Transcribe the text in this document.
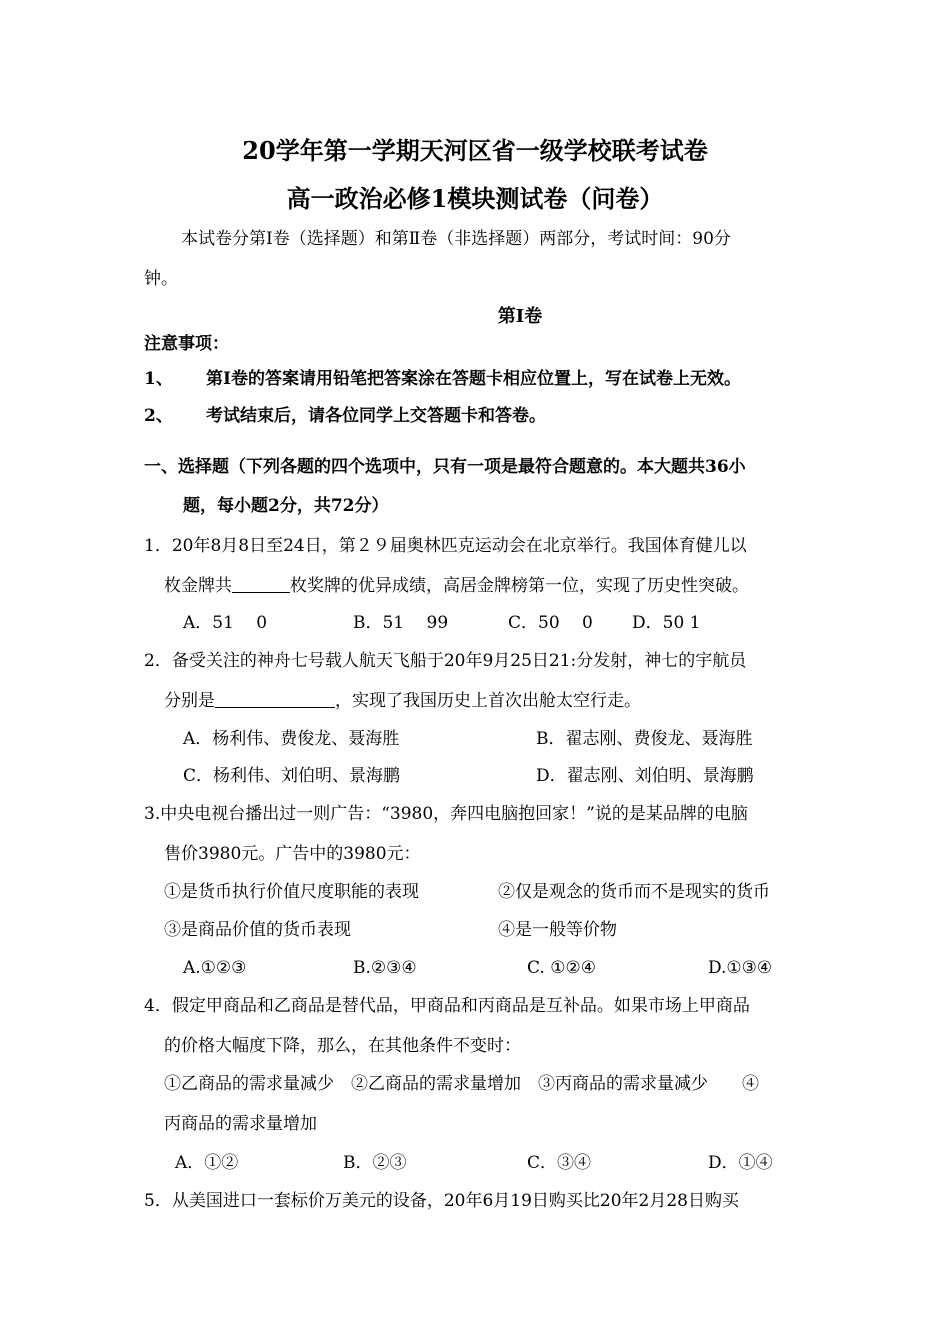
20学年第一学期天河区省一级学校联考试卷
高一政治必修1模块测试卷（问卷）
本试卷分第Ⅰ卷（选择题）和第Ⅱ卷（非选择题）两部分，考试时间：90分
钟。
第Ⅰ卷
注意事项：
1、 第Ⅰ卷的答案请用铅笔把答案涂在答题卡相应位置上，写在试卷上无效。
2、 考试结束后，请各位同学上交答题卡和答卷。
一、选择题（下列各题的四个选项中，只有一项是最符合题意的。本大题共36小
题，每小题2分，共72分）
1．20年8月8日至24日，第２９届奥林匹克运动会在北京举行。我国体育健儿以
枚金牌共	枚奖牌的优异成绩，高居金牌榜第一位，实现了历史性突破。
A．51　 0	B．51　 99	C．50　 0 D．50 1
2．备受关注的神舟七号载人航天飞船于20年9月25日21:分发射，神七的宇航员
分别是	，实现了我国历史上首次出舱太空行走。
A．杨利伟、费俊龙、聂海胜	B．翟志刚、费俊龙、聂海胜
C．杨利伟、刘伯明、景海鹏	D．翟志刚、刘伯明、景海鹏
3.中央电视台播出过一则广告：“3980，奔四电脑抱回家！”说的是某品牌的电脑
售价3980元。广告中的3980元：
①是货币执行价值尺度职能的表现	②仅是观念的货币而不是现实的货币
③是商品价值的货币表现	④是一般等价物
A.①②③	B.②③④	C. ①②④	D.①③④
4．假定甲商品和乙商品是替代品，甲商品和丙商品是互补品。如果市场上甲商品
的价格大幅度下降，那么，在其他条件不变时：
①乙商品的需求量减少　②乙商品的需求量增加　③丙商品的需求量减少　　④
丙商品的需求量增加
A．①②	B．②③	C．③④	D．①④
5．从美国进口一套标价万美元的设备，20年6月19日购买比20年2月28日购买
